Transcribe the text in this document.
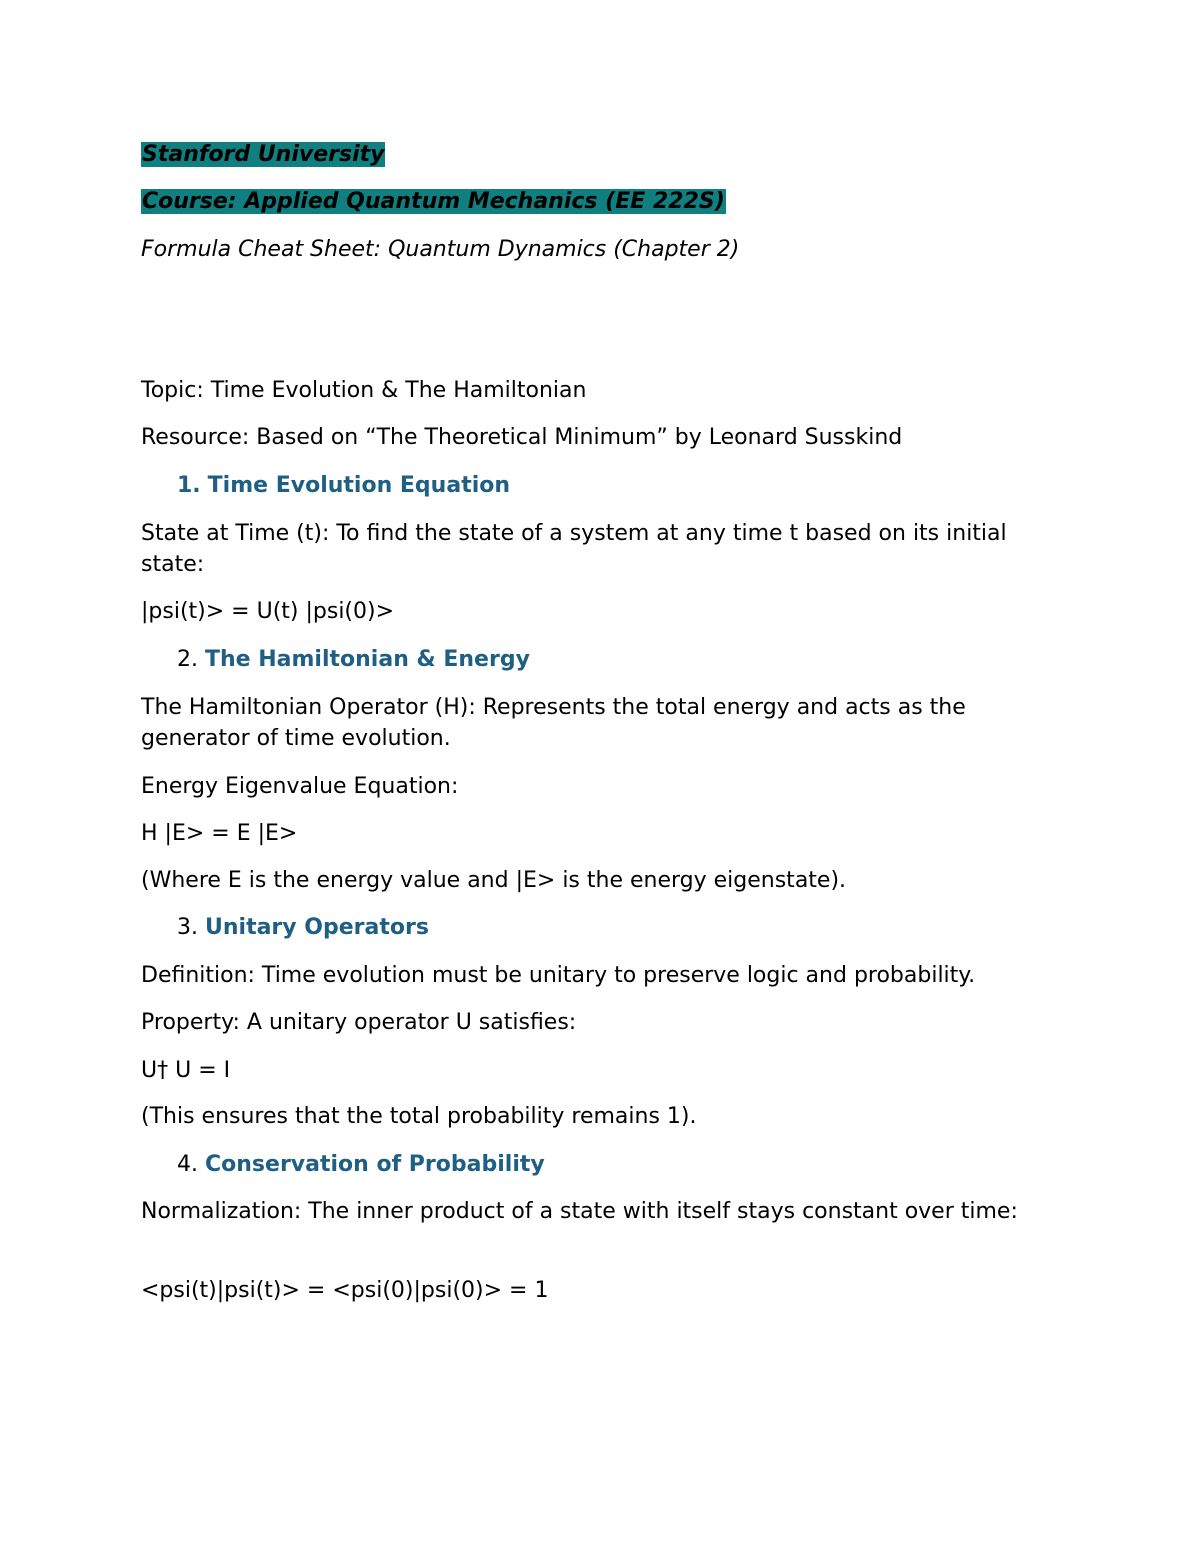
Stanford University
Course: Applied Quantum Mechanics (EE 222S)
Formula Cheat Sheet: Quantum Dynamics (Chapter 2)
Topic: Time Evolution & The Hamiltonian
Resource: Based on “The Theoretical Minimum” by Leonard Susskind
1. Time Evolution Equation
State at Time (t): To find the state of a system at any time t based on its initial state:
|psi(t)> = U(t) |psi(0)>
2. The Hamiltonian & Energy
The Hamiltonian Operator (H): Represents the total energy and acts as the generator of time evolution.
Energy Eigenvalue Equation:
H |E> = E |E>
(Where E is the energy value and |E> is the energy eigenstate).
3. Unitary Operators
Definition: Time evolution must be unitary to preserve logic and probability.
Property: A unitary operator U satisfies:
U† U = I
(This ensures that the total probability remains 1).
4. Conservation of Probability
Normalization: The inner product of a state with itself stays constant over time:
<psi(t)|psi(t)> = <psi(0)|psi(0)> = 1
